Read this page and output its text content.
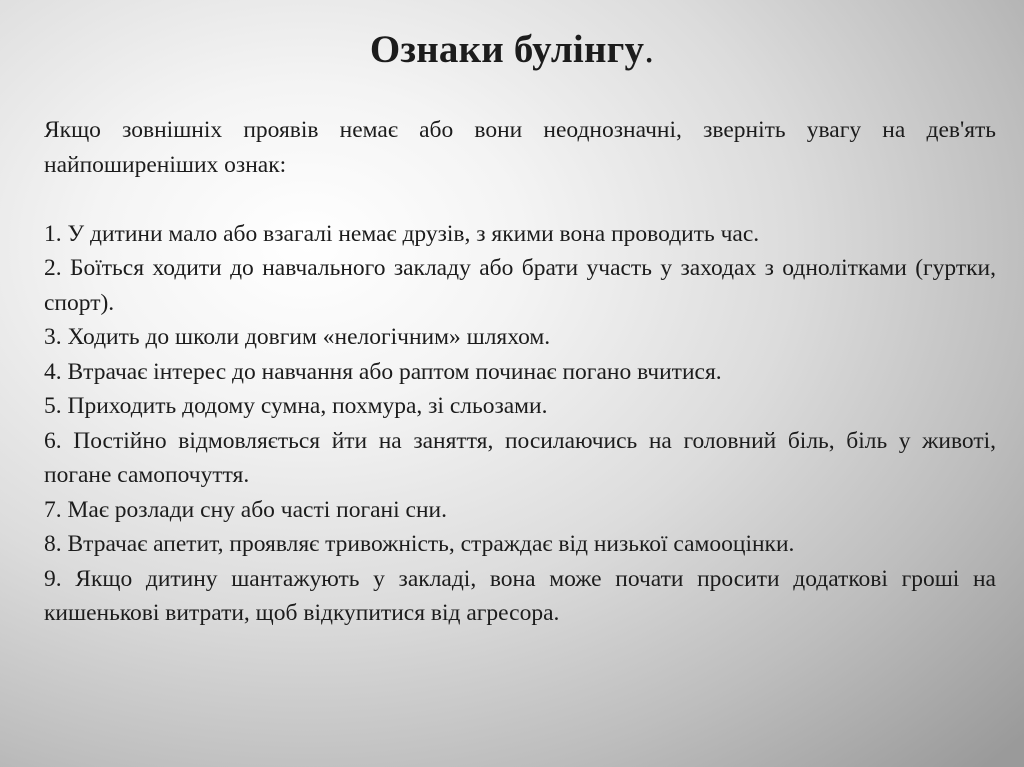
Ознаки булінгу.

Якщо зовнішніх проявів немає або вони неоднозначні, зверніть увагу на дев'ять найпоширеніших ознак:

1. У дитини мало або взагалі немає друзів, з якими вона проводить час.

2. Боїться ходити до навчального закладу або брати участь у заходах з однолітками (гуртки, спорт).

3. Ходить до школи довгим «нелогічним» шляхом.

4. Втрачає інтерес до навчання або раптом починає погано вчитися.

5. Приходить додому сумна, похмура, зі сльозами.

6. Постійно відмовляється йти на заняття, посилаючись на головний біль, біль у животі, погане самопочуття.

7. Має розлади сну або часті погані сни.

8. Втрачає апетит, проявляє тривожність, страждає від низької самооцінки.

9. Якщо дитину шантажують у закладі, вона може почати просити додаткові гроші на кишенькові витрати, щоб відкупитися від агресора.
